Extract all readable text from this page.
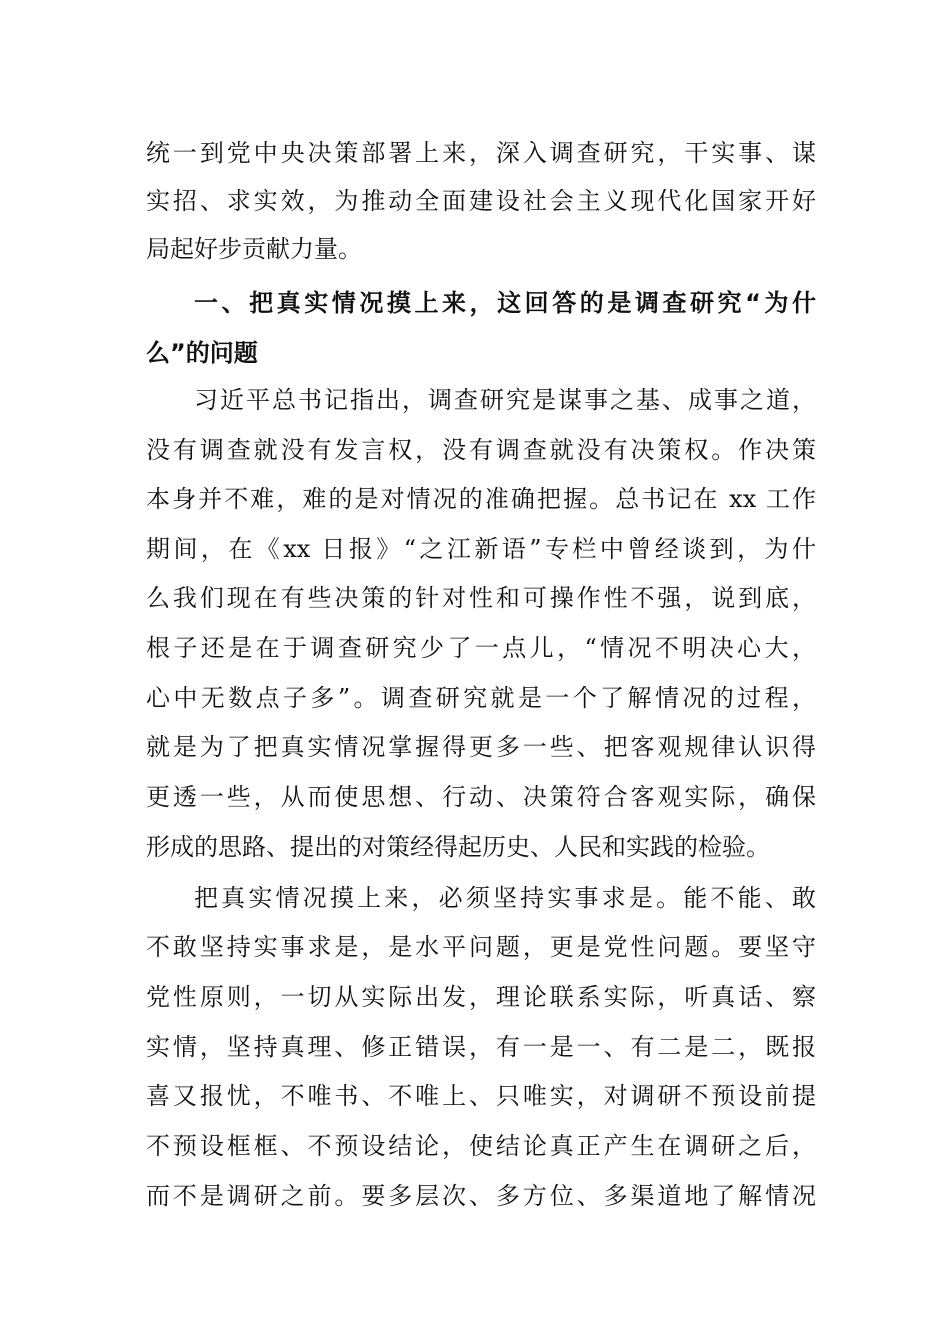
统一到党中央决策部署上来，深入调查研究，干实事、谋
实招、求实效，为推动全面建设社会主义现代化国家开好
局起好步贡献力量。
一、把真实情况摸上来，这回答的是调查研究“为什
么”的问题
习近平总书记指出，调查研究是谋事之基、成事之道，
没有调查就没有发言权，没有调查就没有决策权。作决策
本身并不难，难的是对情况的准确把握。总书记在 xx 工作
期间，在《xx 日报》“之江新语”专栏中曾经谈到，为什
么我们现在有些决策的针对性和可操作性不强，说到底，
根子还是在于调查研究少了一点儿，“情况不明决心大，
心中无数点子多”。调查研究就是一个了解情况的过程，
就是为了把真实情况掌握得更多一些、把客观规律认识得
更透一些，从而使思想、行动、决策符合客观实际，确保
形成的思路、提出的对策经得起历史、人民和实践的检验。
把真实情况摸上来，必须坚持实事求是。能不能、敢
不敢坚持实事求是，是水平问题，更是党性问题。要坚守
党性原则，一切从实际出发，理论联系实际，听真话、察
实情，坚持真理、修正错误，有一是一、有二是二，既报
喜又报忧，不唯书、不唯上、只唯实，对调研不预设前提
不预设框框、不预设结论，使结论真正产生在调研之后，
而不是调研之前。要多层次、多方位、多渠道地了解情况
